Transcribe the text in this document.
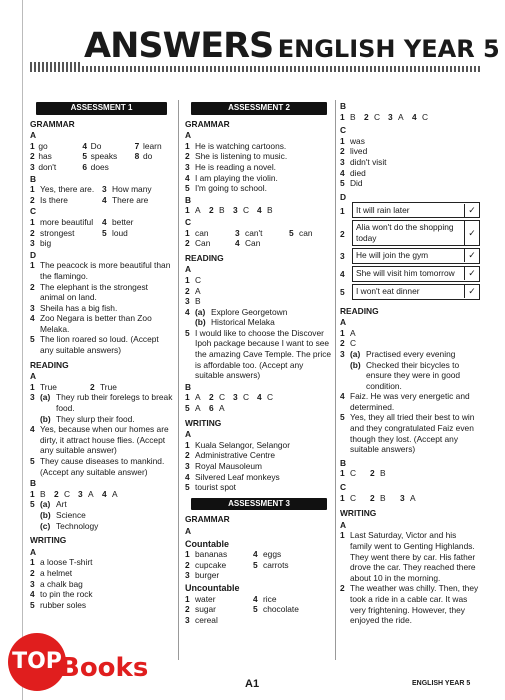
ANSWERS ENGLISH YEAR 5
ASSESSMENT 1
GRAMMAR
A
1 go	4 Do	7 learn
2 has	5 speaks	8 do
3 don't	6 does
B
1 Yes, there are. 3 How many
2 Is there	4 There are
C
1 more beautiful	4 better
2 strongest	5 loud
3 big
D
1 The peacock is more beautiful than the flamingo.
2 The elephant is the strongest animal on land.
3 Sheila has a big fish.
4 Zoo Negara is better than Zoo Melaka.
5 The lion roared so loud. (Accept any suitable answers)
READING
A
1 True	2 True
3 (a) They rub their forelegs to break food.
(b) They slurp their food.
4 Yes, because when our homes are dirty, it attract house flies. (Accept any suitable answer)
5 They cause diseases to mankind. (Accept any suitable answer)
B
1 B	2 C 3 A	4 A
5 (a) Art
(b) Science
(c) Technology
WRITING
A
1 a loose T-shirt
2 a helmet
3 a chalk bag
4 to pin the rock
5 rubber soles
ASSESSMENT 2
GRAMMAR
A
1 He is watching cartoons.
2 She is listening to music.
3 He is reading a novel.
4 I am playing the violin.
5 I'm going to school.
B
1 A	2 B	3 C 4 B
C
1 can	3 can't	5 can
2 Can	4 Can
READING
A
1 C
2 A
3 B
4 (a) Explore Georgetown
(b) Historical Melaka
5 I would like to choose the Discover Ipoh package because I want to see the amazing Cave Temple. The price is affordable too. (Accept any suitable answers)
B
1 A	2 C 3 C 4 C
5 A	6 A
WRITING
A
1 Kuala Selangor, Selangor
2 Administrative Centre
3 Royal Mausoleum
4 Silvered Leaf monkeys
5 tourist spot
ASSESSMENT 3
GRAMMAR
A
Countable
1 bananas	4 eggs
2 cupcake	5 carrots
3 burger
Uncountable
1 water	4 rice
2 sugar	5 chocolate
3 cereal
B
1 B	2 C 3 A	4 C
C
1 was
2 lived
3 didn't visit
4 died
5 Did
D
1	It will rain later	✓
2
Alia won't do the shopping today
✓
3	He will join the gym	✓
4	She will visit him tomorrow	✓
5	I won't eat dinner	✓
READING
A
1 A
2 C
3 (a) Practised every evening
(b) Checked their bicycles to ensure they were in good condition.
4 Faiz. He was very energetic and determined.
5 Yes, they all tried their best to win and they congratulated Faiz even though they lost. (Accept any suitable answers)
B
1 C	2 B
C
1 C	2 B	3 A
WRITING
A
1 Last Saturday, Victor and his family went to Genting Highlands. They went there by car. His father drove the car. They reached there about 10 in the morning.
2 The weather was chilly. Then, they took a ride in a cable car. It was very frightening. However, they enjoyed the ride.
A1	ENGLISH YEAR 5
TOP
Books
